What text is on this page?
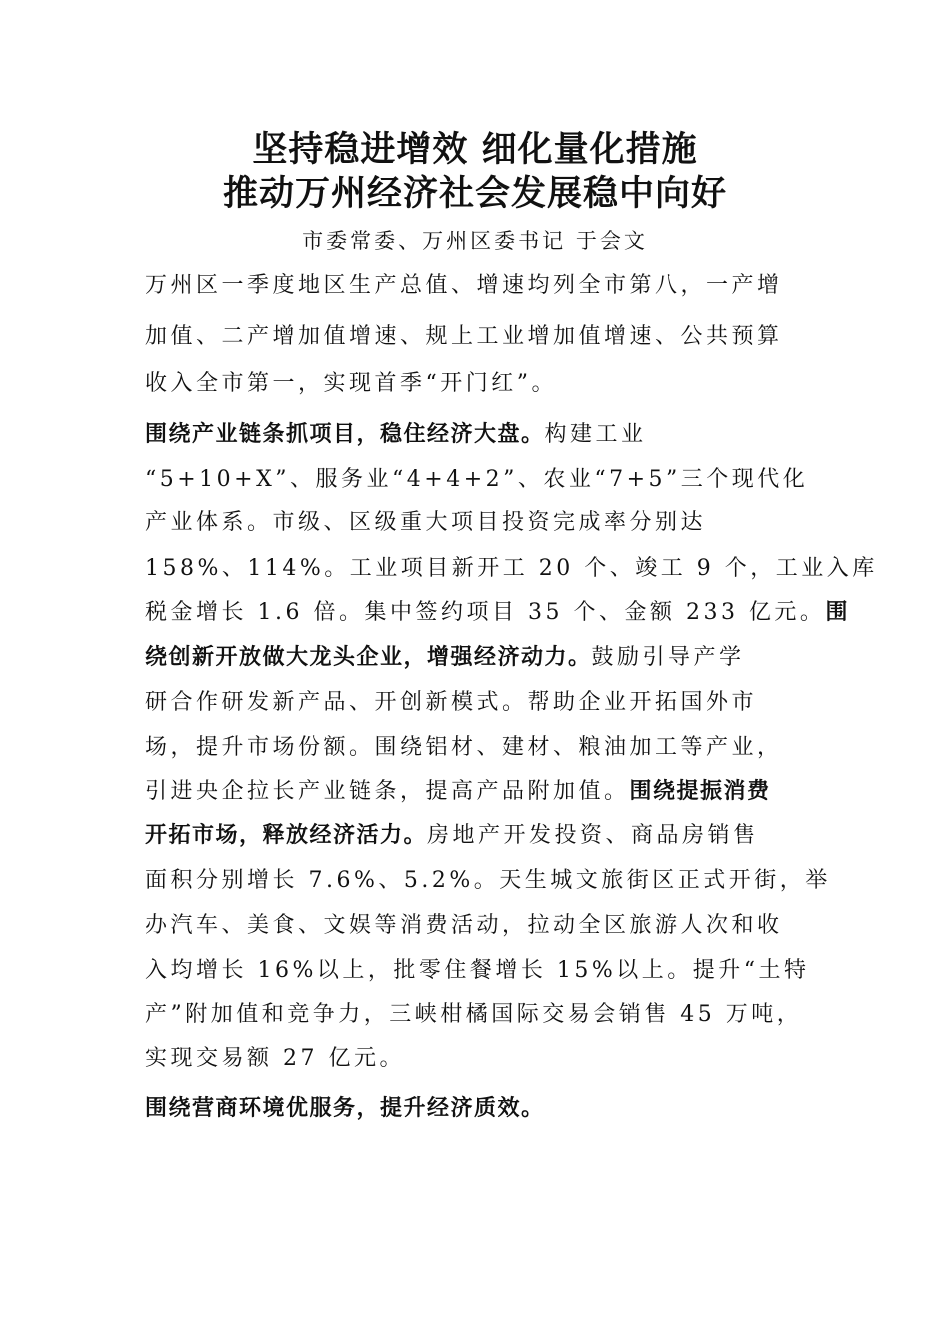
坚持稳进增效 细化量化措施
推动万州经济社会发展稳中向好
市委常委、万州区委书记 于会文
万州区一季度地区生产总值、增速均列全市第八，一产增
加值、二产增加值增速、规上工业增加值增速、公共预算
收入全市第一，实现首季“开门红”。
围绕产业链条抓项目，稳住经济大盘。构建工业
“5+10+X”、服务业“4+4+2”、农业“7+5”三个现代化
产业体系。市级、区级重大项目投资完成率分别达
158%、114%。工业项目新开工 20 个、竣工 9 个，工业入库
税金增长 1.6 倍。集中签约项目 35 个、金额 233 亿元。围
绕创新开放做大龙头企业，增强经济动力。鼓励引导产学
研合作研发新产品、开创新模式。帮助企业开拓国外市
场，提升市场份额。围绕铝材、建材、粮油加工等产业，
引进央企拉长产业链条，提高产品附加值。围绕提振消费
开拓市场，释放经济活力。房地产开发投资、商品房销售
面积分别增长 7.6%、5.2%。天生城文旅街区正式开街，举
办汽车、美食、文娱等消费活动，拉动全区旅游人次和收
入均增长 16%以上，批零住餐增长 15%以上。提升“土特
产”附加值和竞争力，三峡柑橘国际交易会销售 45 万吨，
实现交易额 27 亿元。
围绕营商环境优服务，提升经济质效。
